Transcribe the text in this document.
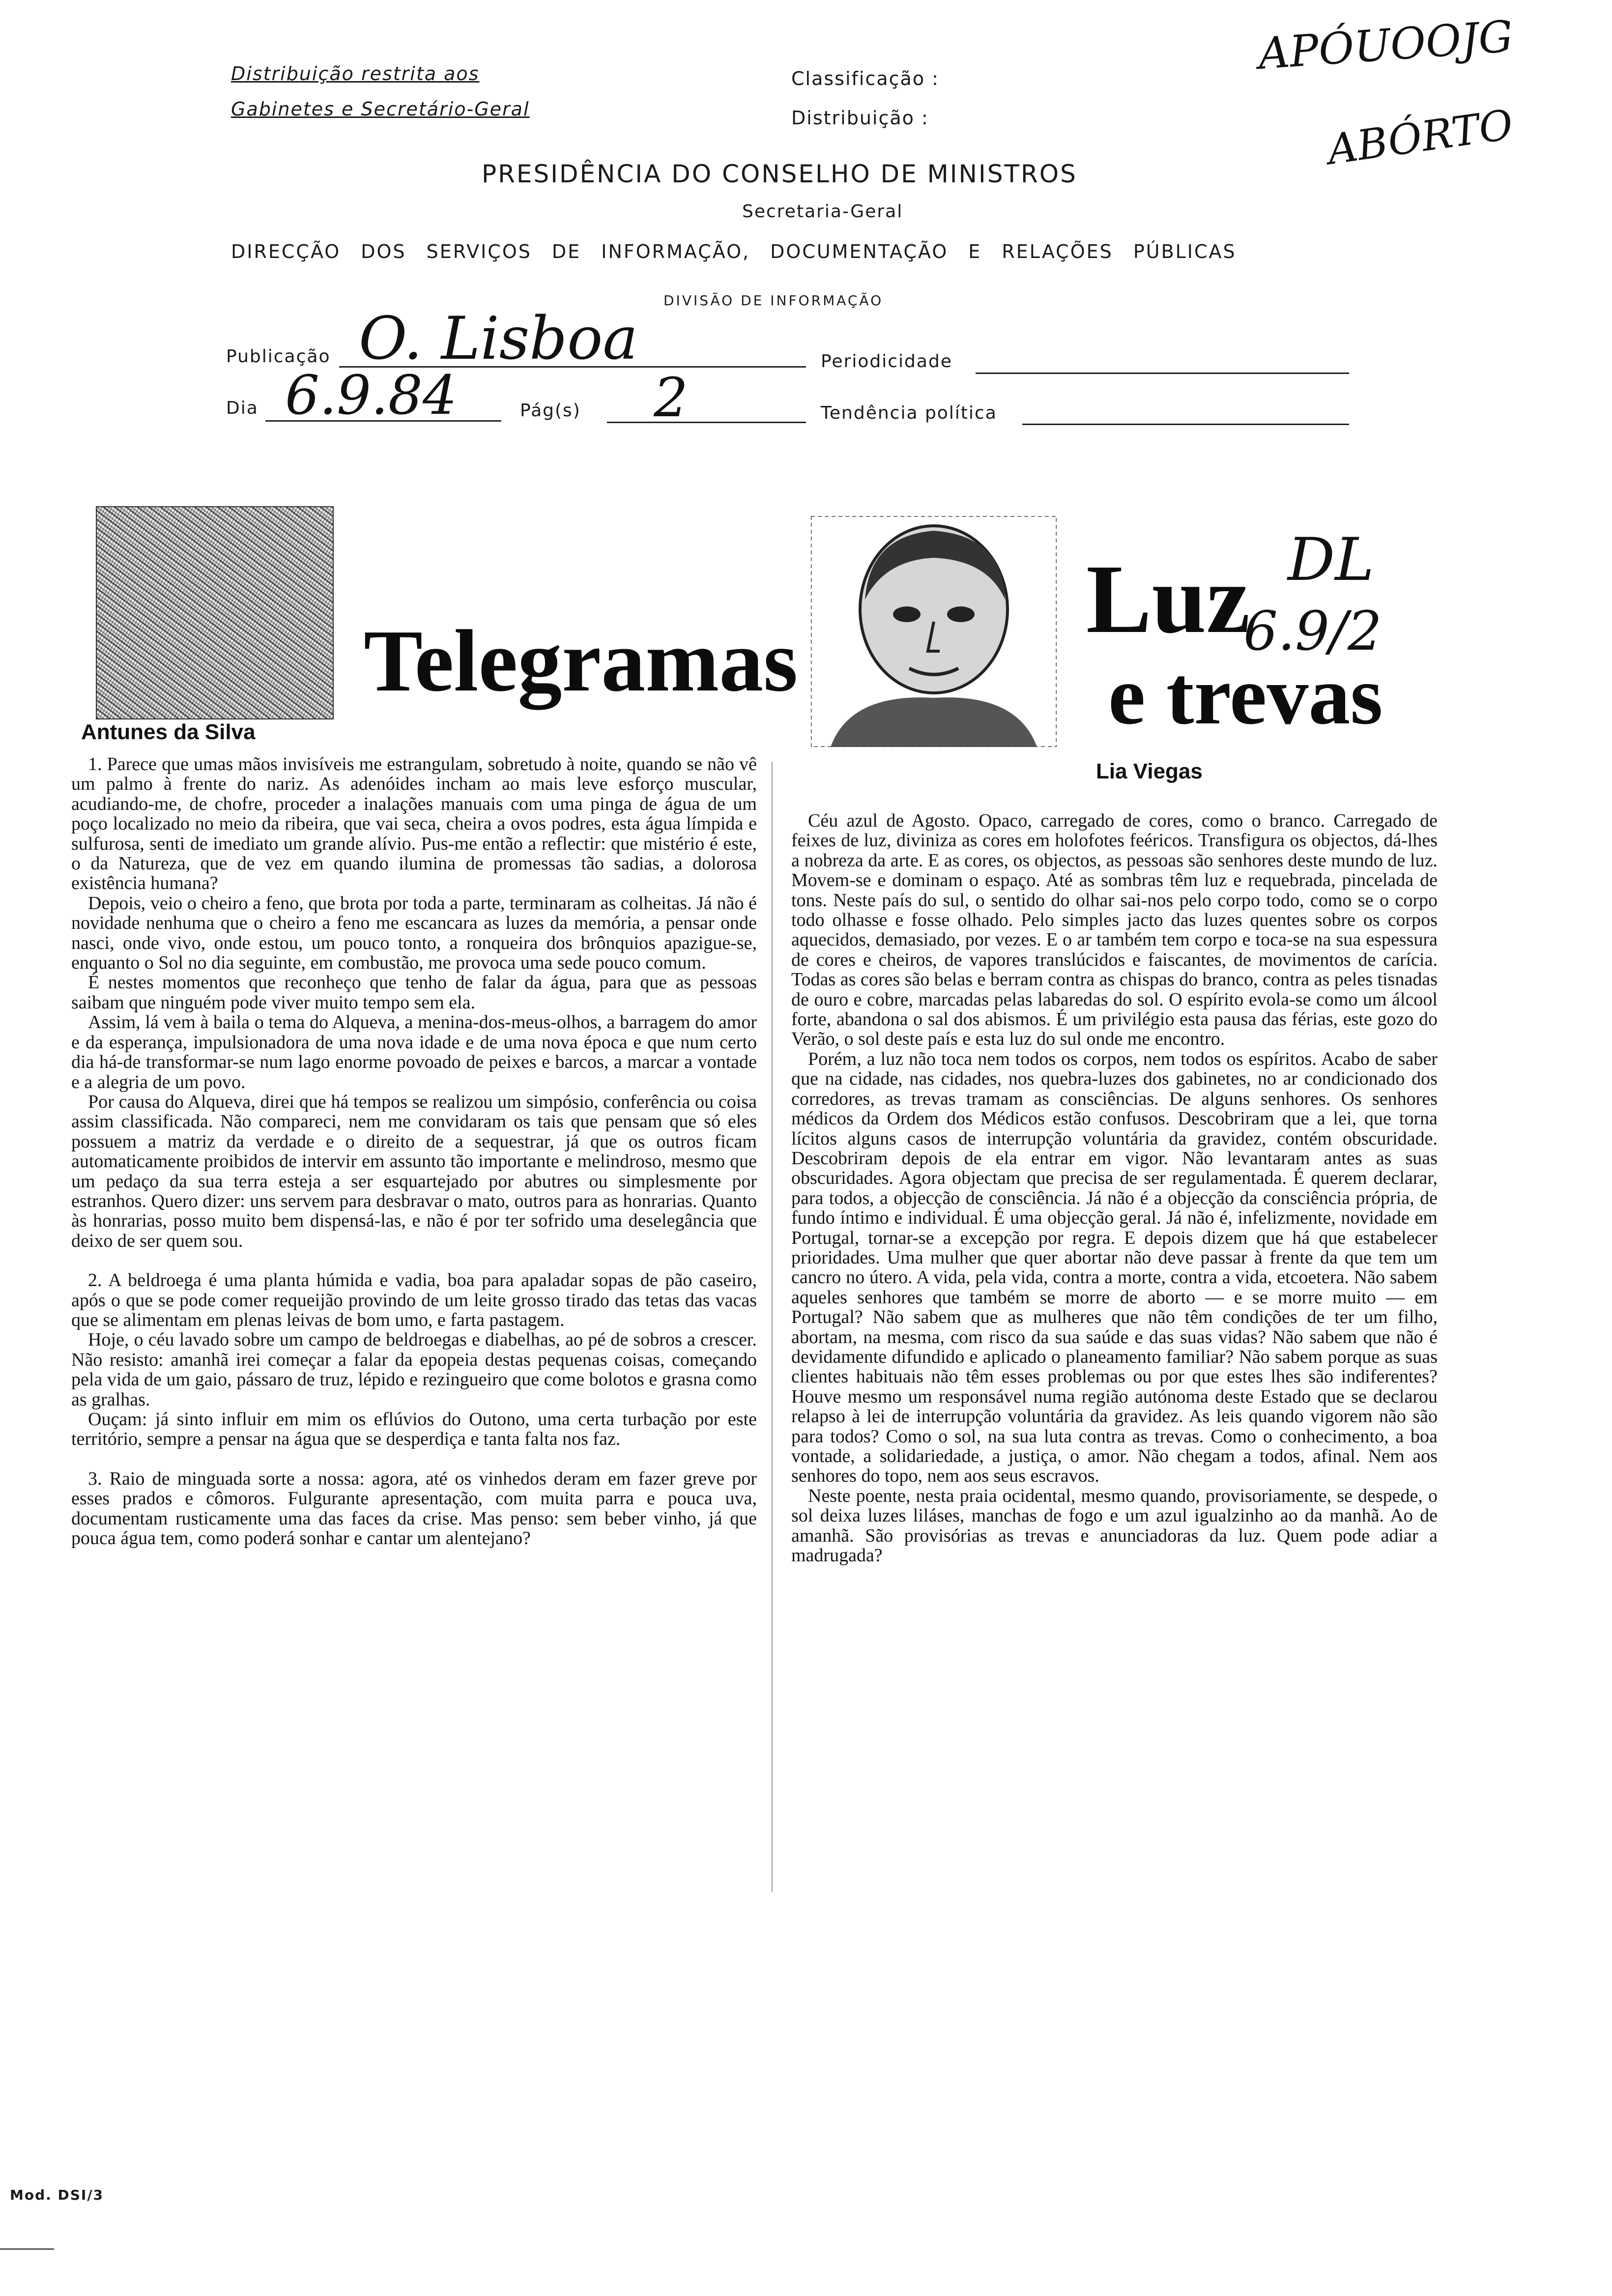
Distribuição restrita aos
Gabinetes e Secretário-Geral
Classificação :
Distribuição :
APÓUOOJG
ABÓRTO
PRESIDÊNCIA DO CONSELHO DE MINISTROS
Secretaria-Geral
DIRECÇÃO DOS SERVIÇOS DE INFORMAÇÃO, DOCUMENTAÇÃO E RELAÇÕES PÚBLICAS
DIVISÃO DE INFORMAÇÃO
Publicação O. Lisboa	Periodicidade
Dia 6.9.84	Pág(s) 2	Tendência política
Telegramas
Antunes da Silva

1. Parece que umas mãos invisíveis me estrangulam, sobretudo à noite, quando se não vê um palmo à frente do nariz. As adenóides incham ao mais leve esforço muscular, acudiando-me, de chofre, proceder a inalações manuais com uma pinga de água de um poço localizado no meio da ribeira, que vai seca, cheira a ovos podres, esta água límpida e sulfurosa, senti de imediato um grande alívio. Pus-me então a reflectir: que mistério é este, o da Natureza, que de vez em quando ilumina de promessas tão sadias, a dolorosa existência humana?

Depois, veio o cheiro a feno, que brota por toda a parte, terminaram as colheitas. Já não é novidade nenhuma que o cheiro a feno me escancara as luzes da memória, a pensar onde nasci, onde vivo, onde estou, um pouco tonto, a ronqueira dos brônquios apazigue-se, enquanto o Sol no dia seguinte, em combustão, me provoca uma sede pouco comum.

É nestes momentos que reconheço que tenho de falar da água, para que as pessoas saibam que ninguém pode viver muito tempo sem ela.

Assim, lá vem à baila o tema do Alqueva, a menina-dos-meus-olhos, a barragem do amor e da esperança, impulsionadora de uma nova idade e de uma nova época e que num certo dia há-de transformar-se num lago enorme povoado de peixes e barcos, a marcar a vontade e a alegria de um povo.

Por causa do Alqueva, direi que há tempos se realizou um simpósio, conferência ou coisa assim classificada. Não compareci, nem me convidaram os tais que pensam que só eles possuem a matriz da verdade e o direito de a sequestrar, já que os outros ficam automaticamente proibidos de intervir em assunto tão importante e melindroso, mesmo que um pedaço da sua terra esteja a ser esquartejado por abutres ou simplesmente por estranhos. Quero dizer: uns servem para desbravar o mato, outros para as honrarias. Quanto às honrarias, posso muito bem dispensá-las, e não é por ter sofrido uma deselegância que deixo de ser quem sou.

2. A beldroega é uma planta húmida e vadia, boa para apaladar sopas de pão caseiro, após o que se pode comer requeijão provindo de um leite grosso tirado das tetas das vacas que se alimentam em plenas leivas de bom umo, e farta pastagem.

Hoje, o céu lavado sobre um campo de beldroegas e diabelhas, ao pé de sobros a crescer. Não resisto: amanhã irei começar a falar da epopeia destas pequenas coisas, começando pela vida de um gaio, pássaro de truz, lépido e rezingueiro que come bolotos e grasna como as gralhas.

Ouçam: já sinto influir em mim os eflúvios do Outono, uma certa turbação por este território, sempre a pensar na água que se desperdiça e tanta falta nos faz.

3. Raio de minguada sorte a nossa: agora, até os vinhedos deram em fazer greve por esses prados e cômoros. Fulgurante apresentação, com muita parra e pouca uva, documentam rusticamente uma das faces da crise. Mas penso: sem beber vinho, já que pouca água tem, como poderá sonhar e cantar um alentejano?

Luz
e trevas
DL
6.9/2
Lia Viegas

Céu azul de Agosto. Opaco, carregado de cores, como o branco. Carregado de feixes de luz, diviniza as cores em holofotes feéricos. Transfigura os objectos, dá-lhes a nobreza da arte. E as cores, os objectos, as pessoas são senhores deste mundo de luz. Movem-se e dominam o espaço. Até as sombras têm luz e requebrada, pincelada de tons. Neste país do sul, o sentido do olhar sai-nos pelo corpo todo, como se o corpo todo olhasse e fosse olhado. Pelo simples jacto das luzes quentes sobre os corpos aquecidos, demasiado, por vezes. E o ar também tem corpo e toca-se na sua espessura de cores e cheiros, de vapores translúcidos e faiscantes, de movimentos de carícia. Todas as cores são belas e berram contra as chispas do branco, contra as peles tisnadas de ouro e cobre, marcadas pelas labaredas do sol. O espírito evola-se como um álcool forte, abandona o sal dos abismos. É um privilégio esta pausa das férias, este gozo do Verão, o sol deste país e esta luz do sul onde me encontro.

Porém, a luz não toca nem todos os corpos, nem todos os espíritos. Acabo de saber que na cidade, nas cidades, nos quebra-luzes dos gabinetes, no ar condicionado dos corredores, as trevas tramam as consciências. De alguns senhores. Os senhores médicos da Ordem dos Médicos estão confusos. Descobriram que a lei, que torna lícitos alguns casos de interrupção voluntária da gravidez, contém obscuridade. Descobriram depois de ela entrar em vigor. Não levantaram antes as suas obscuridades. Agora objectam que precisa de ser regulamentada. É querem declarar, para todos, a objecção de consciência. Já não é a objecção da consciência própria, de fundo íntimo e individual. É uma objecção geral. Já não é, infelizmente, novidade em Portugal, tornar-se a excepção por regra. E depois dizem que há que estabelecer prioridades. Uma mulher que quer abortar não deve passar à frente da que tem um cancro no útero. A vida, pela vida, contra a morte, contra a vida, etcoetera. Não sabem aqueles senhores que também se morre de aborto — e se morre muito — em Portugal? Não sabem que as mulheres que não têm condições de ter um filho, abortam, na mesma, com risco da sua saúde e das suas vidas? Não sabem que não é devidamente difundido e aplicado o planeamento familiar? Não sabem porque as suas clientes habituais não têm esses problemas ou por que estes lhes são indiferentes? Houve mesmo um responsável numa região autónoma deste Estado que se declarou relapso à lei de interrupção voluntária da gravidez. As leis quando vigorem não são para todos? Como o sol, na sua luta contra as trevas. Como o conhecimento, a boa vontade, a solidariedade, a justiça, o amor. Não chegam a todos, afinal. Nem aos senhores do topo, nem aos seus escravos.

Neste poente, nesta praia ocidental, mesmo quando, provisoriamente, se despede, o sol deixa luzes liláses, manchas de fogo e um azul igualzinho ao da manhã. Ao de amanhã. São provisórias as trevas e anunciadoras da luz. Quem pode adiar a madrugada?

Mod. DSI/3
